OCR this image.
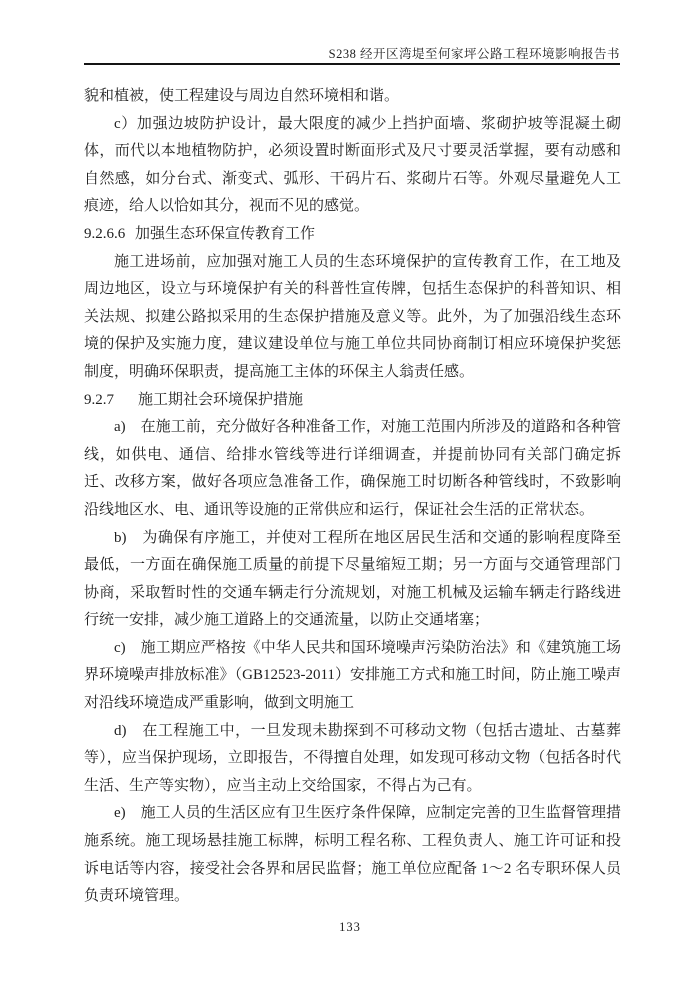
S238 经开区湾堤至何家坪公路工程环境影响报告书

貌和植被，使工程建设与周边自然环境相和谐。

c）加强边坡防护设计，最大限度的减少上挡护面墙、浆砌护坡等混凝土砌体，而代以本地植物防护，必须设置时断面形式及尺寸要灵活掌握，要有动感和自然感，如分台式、渐变式、弧形、干码片石、浆砌片石等。外观尽量避免人工痕迹，给人以恰如其分，视而不见的感觉。

9.2.6.6 加强生态环保宣传教育工作

施工进场前，应加强对施工人员的生态环境保护的宣传教育工作，在工地及周边地区，设立与环境保护有关的科普性宣传牌，包括生态保护的科普知识、相关法规、拟建公路拟采用的生态保护措施及意义等。此外，为了加强沿线生态环境的保护及实施力度，建议建设单位与施工单位共同协商制订相应环境保护奖惩制度，明确环保职责，提高施工主体的环保主人翁责任感。

9.2.7 施工期社会环境保护措施

a)　在施工前，充分做好各种准备工作，对施工范围内所涉及的道路和各种管线，如供电、通信、给排水管线等进行详细调查，并提前协同有关部门确定拆迁、改移方案，做好各项应急准备工作，确保施工时切断各种管线时，不致影响沿线地区水、电、通讯等设施的正常供应和运行，保证社会生活的正常状态。

b)　为确保有序施工，并使对工程所在地区居民生活和交通的影响程度降至最低，一方面在确保施工质量的前提下尽量缩短工期；另一方面与交通管理部门协商，采取暂时性的交通车辆走行分流规划，对施工机械及运输车辆走行路线进行统一安排，减少施工道路上的交通流量，以防止交通堵塞；

c)　施工期应严格按《中华人民共和国环境噪声污染防治法》和《建筑施工场界环境噪声排放标准》（GB12523-2011）安排施工方式和施工时间，防止施工噪声对沿线环境造成严重影响，做到文明施工

d)　在工程施工中，一旦发现未勘探到不可移动文物（包括古遗址、古墓葬等），应当保护现场，立即报告，不得擅自处理，如发现可移动文物（包括各时代生活、生产等实物），应当主动上交给国家，不得占为己有。

e)　施工人员的生活区应有卫生医疗条件保障，应制定完善的卫生监督管理措施系统。施工现场悬挂施工标牌，标明工程名称、工程负责人、施工许可证和投诉电话等内容，接受社会各界和居民监督；施工单位应配备 1～2 名专职环保人员负责环境管理。

133
